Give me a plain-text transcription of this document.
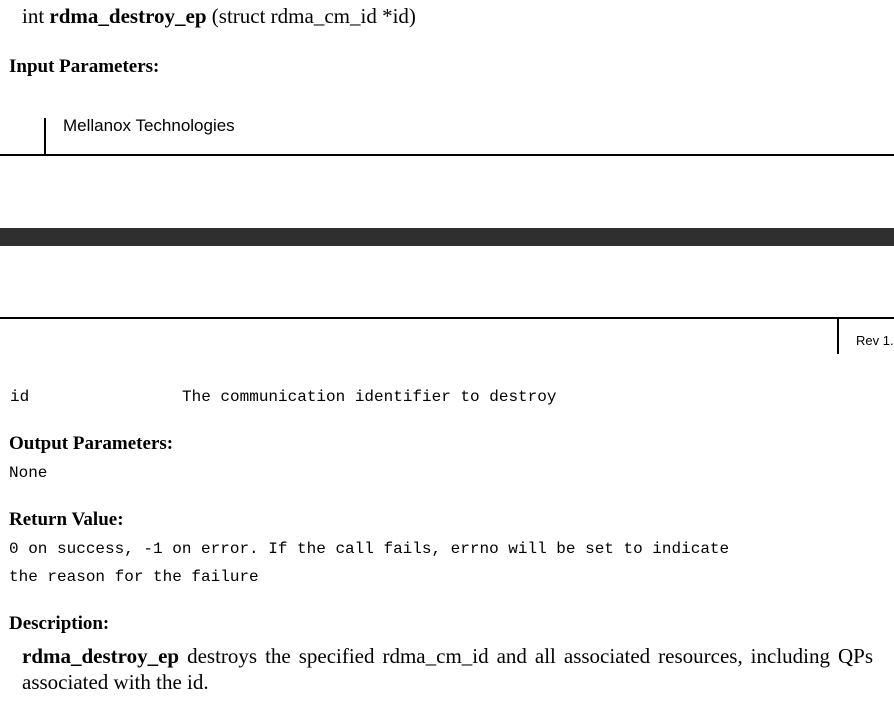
int rdma_destroy_ep (struct rdma_cm_id *id)
Input Parameters:
Mellanox Technologies
Rev 1.
id	The communication identifier to destroy
Output Parameters:
None
Return Value:
0 on success, -1 on error. If the call fails, errno will be set to indicate
the reason for the failure
Description:
rdma_destroy_ep destroys the specified rdma_cm_id and all associated resources, including QPs associated with the id.
